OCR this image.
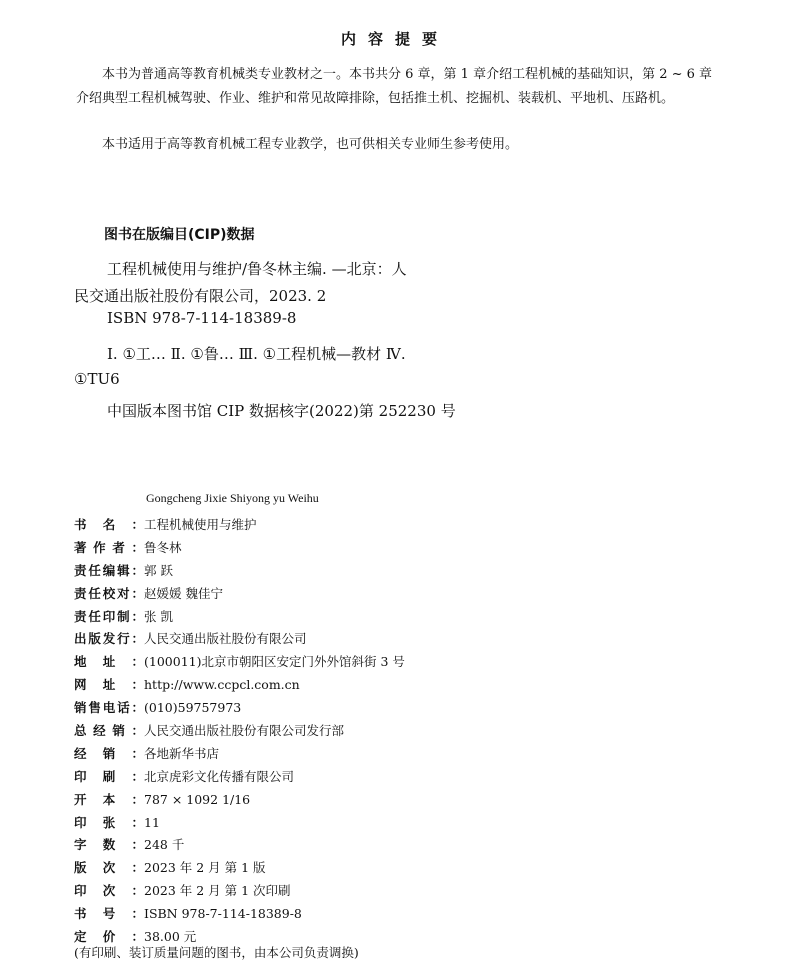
内容提要
本书为普通高等教育机械类专业教材之一。本书共分 6 章，第 1 章介绍工程机械的基础知识，第 2 ~ 6 章介绍典型工程机械驾驶、作业、维护和常见故障排除，包括推土机、挖掘机、装载机、平地机、压路机。
本书适用于高等教育机械工程专业教学，也可供相关专业师生参考使用。
图书在版编目(CIP)数据
工程机械使用与维护/鲁冬林主编. —北京：人
民交通出版社股份有限公司，2023. 2
ISBN 978-7-114-18389-8
Ⅰ. ①工… Ⅱ. ①鲁… Ⅲ. ①工程机械—教材 Ⅳ.
①TU6
中国版本图书馆 CIP 数据核字(2022)第 252230 号
Gongcheng Jixie Shiyong yu Weihu
书名： 工程机械使用与维护
著作者： 鲁冬林
责任编辑： 郭 跃
责任校对： 赵媛媛 魏佳宁
责任印制： 张 凯
出版发行： 人民交通出版社股份有限公司
地址： (100011)北京市朝阳区安定门外外馆斜街 3 号
网址： http://www.ccpcl.com.cn
销售电话： (010)59757973
总经销： 人民交通出版社股份有限公司发行部
经销： 各地新华书店
印刷： 北京虎彩文化传播有限公司
开本： 787 × 1092 1/16
印张： 11
字数： 248 千
版次： 2023 年 2 月 第 1 版
印次： 2023 年 2 月 第 1 次印刷
书号： ISBN 978-7-114-18389-8
定价： 38.00 元
(有印刷、装订质量问题的图书，由本公司负责调换)
